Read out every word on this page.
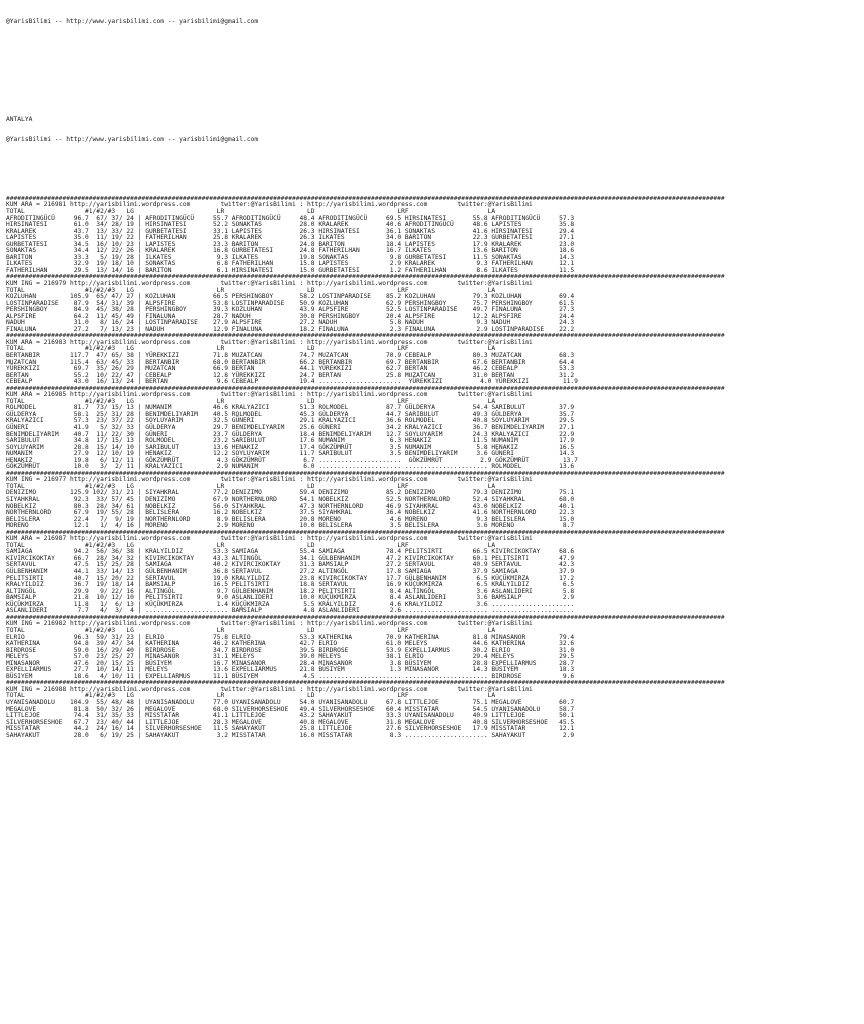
@YarisBilimi -- http://www.yarisbilimi.com -- yarisbilimi@gmail.com

ANTALYA

@YarisBilimi -- http://www.yarisbilimi.com -- yarisbilimi@gmail.com

###############################################################################################################################################################################################
KUM ARA = 216981 http://yarisbilimi.wordpress.com        twitter:@YarisBilimi : http://yarisbilimi.wordpress.com        twitter:@YarisBilimi
TOTAL                #1/#2/#3   LG                      LR                      LD                      LRF                     LA
AFRODITINGÜCÜ     96.7  67/ 37/ 24 | AFRODITINGÜCÜ     55.7 AFRODITINGÜCÜ     48.4 AFRODITINGÜCÜ     69.5 HIRSINATESI       55.8 AFRODITINGÜCÜ     57.3
HIRSINATESI       61.0  34/ 28/ 19 | HIRSINATESI       52.2 SONAKTAS          28.0 KRALAREK          40.6 AFRODITINGÜCÜ     48.6 LAPISTES          35.8
KRALAREK          43.7  13/ 33/ 22 | GURBETATESI       33.1 LAPISTES          26.3 HIRSINATESI       36.1 SONAKTAS          41.6 HIRSINATESI       29.4
LAPISTES          35.0  11/ 19/ 22 | FATHERILHAN       25.8 KRALAREK          26.3 ILKATES           34.0 BARITON           22.3 GURBETATESI       27.1
GURBETATESI       34.5  16/ 10/ 23 | LAPISTES          23.3 BARITON           24.8 BARITON           18.4 LAPISTES          17.9 KRALAREK          23.0
SONAKTAS          34.4  12/ 22/ 26 | KRALAREK          16.8 GURBETATESI       24.8 FATHERILHAN       16.7 ILKATES           13.6 BARITON           18.6
BARITON           33.3   5/ 19/ 28 | ILKATES            9.3 ILKATES           19.8 SONAKTAS           9.8 GURBETATESI       11.5 SONAKTAS          14.3
ILKATES           32.9  19/ 18/ 10 | SONAKTAS           6.8 FATHERILHAN       15.8 LAPISTES           2.9 KRALAREK           9.3 FATHERILHAN       12.1
FATHERILHAN       29.5  13/ 14/ 16 | BARITON            6.1 HIRSINATESI       15.0 GURBETATESI        1.2 FATHERILHAN        8.6 ILKATES           11.5
###############################################################################################################################################################################################
KUM ING = 216979 http://yarisbilimi.wordpress.com        twitter:@YarisBilimi : http://yarisbilimi.wordpress.com        twitter:@YarisBilimi
TOTAL                #1/#2/#3   LG                      LR                      LD                      LRF                     LA
KOZLUHAN         105.9  65/ 47/ 27 | KOZLUHAN          66.5 PERSHINGBOY       58.2 LOSTINPARADISE    85.2 KOZLUHAN          79.3 KOZLUHAN          69.4
LOSTINPARADISE    87.9  54/ 31/ 39 | ALPSFIRE          53.8 LOSTINPARADISE    50.9 KOZLUHAN          62.9 PERSHINGBOY       75.7 PERSHINGBOY       61.5
PERSHINGBOY       84.9  45/ 38/ 28 | PERSHINGBOY       39.3 KOZLUHAN          43.9 ALPSFIRE          52.5 LOSTINPARADISE    49.7 FINALUNA          27.3
ALPSFIRE          64.2  11/ 45/ 49 | FINALUNA          28.7 NADUH             30.8 PERSHINGBOY       20.4 ALPSFIRE          12.2 ALPSFIRE          24.4
NADUH             31.0   8/ 16/ 24 | LOSTINPARADISE    27.9 ALPSFIRE          27.2 NADUH              5.8 NADUH              9.3 NADUH             24.3
FINALUNA          27.2   7/ 13/ 23 | NADUH             12.9 FINALUNA          18.2 FINALUNA           2.3 FINALUNA           2.9 LOSTINPARADISE    22.2
###############################################################################################################################################################################################
KUM ARA = 216983 http://yarisbilimi.wordpress.com        twitter:@YarisBilimi : http://yarisbilimi.wordpress.com        twitter:@YarisBilimi
TOTAL                #1/#2/#3   LG                      LR                      LD                      LRF                     LA
BERTANBIR        117.7  47/ 65/ 38 | YÜREKKIZI         71.8 MUZATCAN          74.7 MUZATCAN          70.9 CEBEALP           80.3 MUZATCAN          68.3
MUZATCAN         115.4  63/ 45/ 33 | BERTANBIR         68.0 BERTANBIR         66.2 BERTANBIR         69.7 BERTANBIR         67.6 BERTANBIR         64.4
YÜREKKIZI         69.7  35/ 26/ 29 | MUZATCAN          66.9 BERTAN            44.1 YÜREKKIZI         62.7 BERTAN            46.2 CEBEALP           53.3
BERTAN            55.2  10/ 22/ 47 | CEBEALP           12.8 YÜREKKIZI         24.7 BERTAN            25.8 MUZATCAN          31.0 BERTAN            31.2
CEBEALP           43.0  16/ 13/ 24 | BERTAN             9.6 CEBEALP           19.4 ......................  YÜREKKIZI          4.0 YÜREKKIZI         11.9
###############################################################################################################################################################################################
KUM ARA = 216985 http://yarisbilimi.wordpress.com        twitter:@YarisBilimi : http://yarisbilimi.wordpress.com        twitter:@YarisBilimi
TOTAL                #1/#2/#3   LG                      LR                      LD                      LRF                     LA
ROLMODEL          81.7  73/ 15/ 13 | NUMANIM           46.6 KRALYAZICI        51.3 ROLMODEL          87.7 GÜLDERYA          54.4 SARIBULUT         37.9
GÜLDERYA          58.1  25/ 31/ 28 | BENIMDELIYARIM    40.5 ROLMODEL          45.3 GÜLDERYA          44.7 SARIBULUT         49.3 GÜLDERYA          35.7
KRALYAZICI        57.3  23/ 37/ 22 | SOYLUYARIM        32.5 GÜNERI            29.1 KRALYAZICI        36.6 ROLMODEL          40.8 SOYLUYARIM        29.5
GÜNERI            41.9   5/ 32/ 33 | GÜLDERYA          29.7 BENIMDELIYARIM    25.6 GÜNERI            34.2 KRALYAZICI        36.7 BENIMDELIYARIM    27.1
BENIMDELIYARIM    40.7  11/ 22/ 30 | GÜNERI            23.7 GÜLDERYA          18.4 BENIMDELIYARIM    12.7 SOYLUYARIM        24.3 KRALYAZICI        22.9
SARIBULUT         34.8  17/ 15/ 13 | ROLMODEL          23.2 SARIBULUT         17.6 NUMANIM            6.3 HENAKIZ           11.5 NUMANIM           17.9
SOYLUYARIM        28.8  15/ 14/ 10 | SARIBULUT         13.6 HENAKIZ           17.4 GÖKZÜMRÜT          3.5 NUMANIM            5.8 HENAKIZ           16.5
NUMANIM           27.9  12/ 10/ 19 | HENAKIZ           12.2 SOYLUYARIM        11.7 SARIBULUT          3.5 BENIMDELIYARIM     3.6 GÜNERI            14.3
HENAKIZ           19.8   6/ 12/ 11 | GÖKZÜMRÜT          4.3 GÖKZÜMRÜT          6.7 ......................  GÖKZÜMRÜT          2.9 GÖKZÜMRÜT         13.7
GÖKZÜMRÜT         10.0   3/  2/ 11 | KRALYAZICI         2.9 NUMANIM            6.0 ...................... ...................... ROLMODEL          13.6
###############################################################################################################################################################################################
KUM ING = 216977 http://yarisbilimi.wordpress.com        twitter:@YarisBilimi : http://yarisbilimi.wordpress.com        twitter:@YarisBilimi
TOTAL                #1/#2/#3   LG                      LR                      LD                      LRF                     LA
DENIZIMO         125.9 102/ 31/ 21 | SIYAHKRAL         77.2 DENIZIMO          59.4 DENIZIMO          85.2 DENIZIMO          79.3 DENIZIMO          75.1
SIYAHKRAL         92.3  33/ 57/ 45 | DENIZIMO          67.9 NORTHERNLORD      54.1 NOBELKIZ          52.5 NORTHERNLORD      52.4 SIYAHKRAL         68.0
NOBELKIZ          80.3  28/ 34/ 61 | NOBELKIZ          56.0 SIYAHKRAL         47.3 NORTHERNLORD      46.9 SIYAHKRAL         43.0 NOBELKIZ          40.1
NORTHERNLORD      67.9  19/ 55/ 28 | BELISLERA         16.2 NOBELKIZ          37.5 SIYAHKRAL         36.4 NOBELKIZ          41.6 NORTHERNLORD      22.3
BELISLERA         22.4   7/  9/ 19 | NORTHERNLORD       8.9 BELISLERA         20.8 MORENO             4.6 MORENO             9.3 BELISLERA         15.0
MORENO            12.1   1/  4/ 16 | MORENO             2.9 MORENO            10.0 BELISLERA          3.5 BELISLERA          3.6 MORENO             8.7
###############################################################################################################################################################################################
KUM ARA = 216987 http://yarisbilimi.wordpress.com        twitter:@YarisBilimi : http://yarisbilimi.wordpress.com        twitter:@YarisBilimi
TOTAL                #1/#2/#3   LG                      LR                      LD                      LRF                     LA
SAMIAGA           94.2  56/ 36/ 38 | KRALYILDIZ        53.3 SAMIAGA           55.4 SAMIAGA           78.4 PELITSIRTI        66.5 KIVIRCIKOKTAY     68.6
KIVIRCIKOKTAY     66.7  28/ 34/ 32 | KIVIRCIKOKTAY     43.3 ALTINGÖL          34.1 GÜLBENHANIM       47.2 KIVIRCIKOKTAY     60.1 PELITSIRTI        47.9
SERTAVUL          47.5  15/ 25/ 28 | SAMIAGA           40.2 KIVIRCIKOKTAY     31.3 BAMSIALP          27.2 SERTAVUL          40.9 SERTAVUL          42.3
GÜLBENHANIM       44.1  33/ 14/ 13 | GÜLBENHANIM       36.8 SERTAVUL          27.2 ALTINGÖL          17.8 SAMIAGA           37.9 SAMIAGA           37.9
PELITSIRTI        40.7  15/ 20/ 22 | SERTAVUL          19.0 KRALYILDIZ        23.8 KIVIRCIKOKTAY     17.7 GÜLBENHANIM        6.5 KÜÇÜKMIRZA        17.2
KRALYILDIZ        36.7  19/ 18/ 14 | BAMSIALP          16.5 PELITSIRTI        18.8 SERTAVUL          16.9 KÜÇÜKMIRZA         6.5 KRALYILDIZ         6.5
ALTINGÖL          29.9   9/ 22/ 16 | ALTINGÖL           9.7 GÜLBENHANIM       18.2 PELITSIRTI         8.4 ALTINGÖL           3.6 ASLANLIDERI        5.8
BAMSIALP          21.8  10/ 12/ 10 | PELITSIRTI         9.0 ASLANLIDERI       10.0 KÜÇÜKMIRZA         8.4 ASLANLIDERI        3.6 BAMSIALP           2.9
KÜÇÜKMIRZA        11.8   1/  6/ 13 | KÜÇÜKMIRZA         1.4 KÜÇÜKMIRZA         5.5 KRALYILDIZ         4.6 KRALYILDIZ         3.6 ......................
ASLANLIDERI        7.7   4/  3/  4 | ...................... BAMSIALP           4.8 ASLANLIDERI        2.6 ...................... ......................
###############################################################################################################################################################################################
KUM ING = 216982 http://yarisbilimi.wordpress.com        twitter:@YarisBilimi : http://yarisbilimi.wordpress.com        twitter:@YarisBilimi
TOTAL                #1/#2/#3   LG                      LR                      LD                      LRF                     LA
ELRIO             96.3  59/ 31/ 23 | ELRIO             75.8 ELRIO             53.3 KATHERINA         70.9 KATHERINA         81.8 MINASANOR         79.4
KATHERINA         94.8  39/ 47/ 34 | KATHERINA         46.2 KATHERINA         42.7 ELRIO             61.0 MELEYS            44.6 KATHERINA         32.6
BIRDROSE          59.0  16/ 29/ 40 | BIRDROSE          34.7 BIRDROSE          39.5 BIRDROSE          53.9 EXPELLIARMUS      30.2 ELRIO             31.0
MELEYS            57.0  23/ 25/ 27 | MINASANOR         31.1 MELEYS            39.0 MELEYS            38.1 ELRIO             29.4 MELEYS            29.5
MINASANOR         47.6  20/ 15/ 25 | BÜSIYEM           16.7 MINASANOR         28.4 MINASANOR          3.8 BÜSIYEM           28.8 EXPELLIARMUS      28.7
EXPELLIARMUS      27.7  10/ 14/ 11 | MELEYS            13.6 EXPELLIARMUS      21.8 BÜSIYEM            1.3 MINASANOR         14.3 BÜSIYEM           18.3
BÜSIYEM           18.6   4/ 10/ 11 | EXPELLIARMUS      11.1 BÜSIYEM            4.5 ...................... ...................... BIRDROSE           9.6
###############################################################################################################################################################################################
KUM ING = 216988 http://yarisbilimi.wordpress.com        twitter:@YarisBilimi : http://yarisbilimi.wordpress.com        twitter:@YarisBilimi
TOTAL                #1/#2/#3   LG                      LR                      LD                      LRF                     LA
UYANISANADOLU    104.9  55/ 48/ 48 | UYANISANADOLU     77.0 UYANISANADOLU     54.0 UYANISANADOLU     67.8 LITTLEJOE         75.1 MEGALOVE          60.7
MEGALOVE          81.8  50/ 32/ 26 | MEGALOVE          68.0 SILVERHORSESHOE   49.4 SILVERHORSESHOE   60.4 MISSTATAR         54.5 UYANISANADOLU     58.7
LITTLEJOE         74.4  31/ 35/ 33 | MISSTATAR         41.1 LITTLEJOE         43.2 SAHAYAKUT         33.3 UYANISANADOLU     40.9 LITTLEJOE         50.1
SILVERHORSESHOE   67.7  23/ 40/ 44 | LITTLEJOE         28.3 MEGALOVE          40.8 MEGALOVE          31.8 MEGALOVE          40.8 SILVERHORSESHOE   45.5
MISSTATAR         44.2  24/ 16/ 14 | SILVERHORSESHOE   11.5 SAHAYAKUT         25.8 LITTLEJOE         27.6 SILVERHORSESHOE   17.9 MISSTATAR         12.1
SAHAYAKUT         28.0   6/ 19/ 25 | SAHAYAKUT          3.2 MISSTATAR         16.0 MISSTATAR          8.3 ...................... SAHAYAKUT          2.9
